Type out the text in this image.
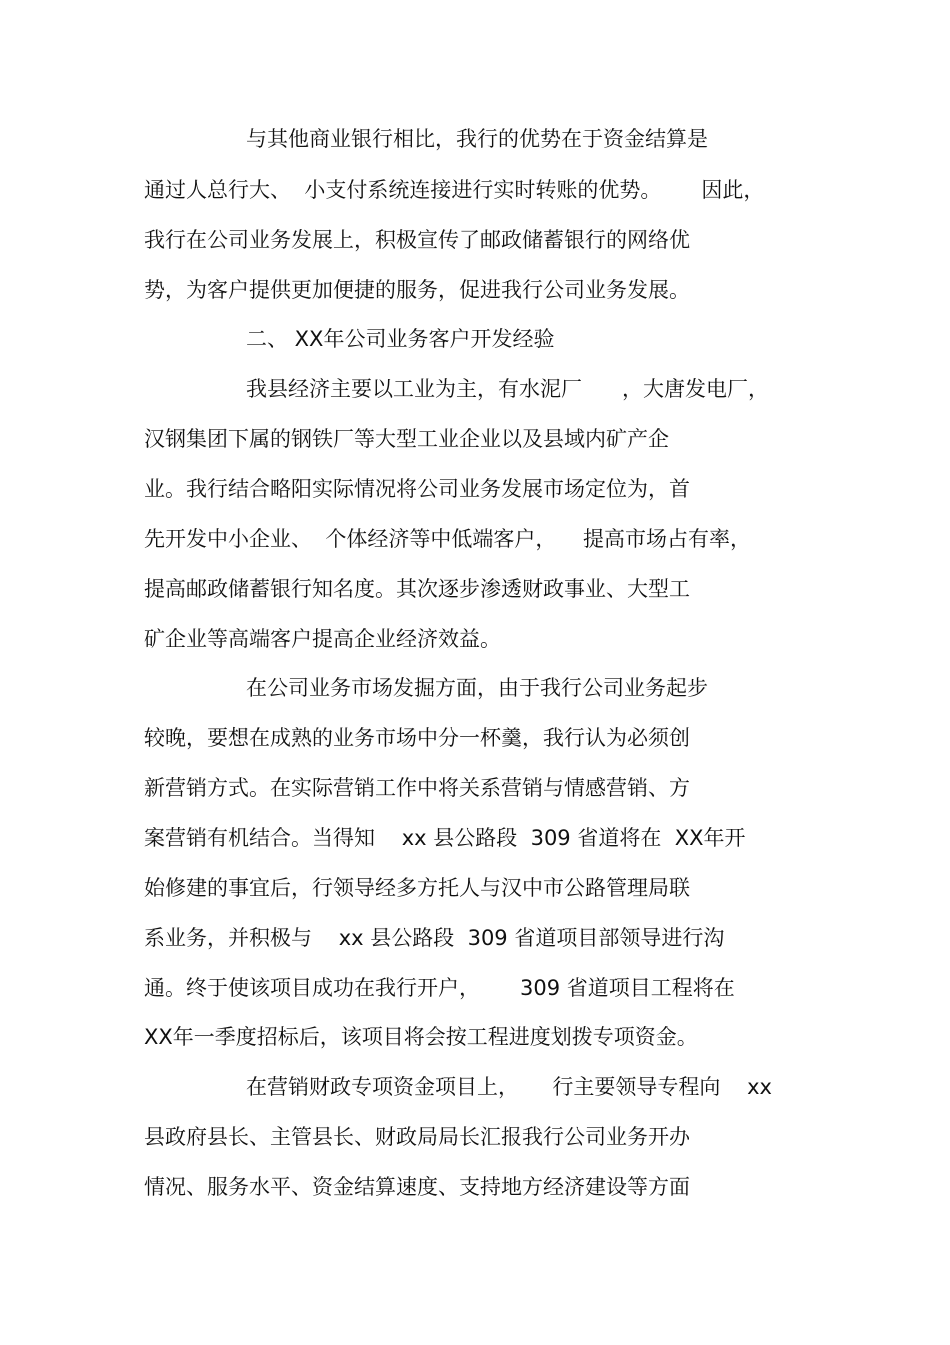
与其他商业银行相比，我行的优势在于资金结算是
通过人总行大、  小支付系统连接进行实时转账的优势。      因此，
我行在公司业务发展上，积极宣传了邮政储蓄银行的网络优
势，为客户提供更加便捷的服务，促进我行公司业务发展。
二、 XX年公司业务客户开发经验
我县经济主要以工业为主，有水泥厂      ，大唐发电厂，
汉钢集团下属的钢铁厂等大型工业企业以及县域内矿产企
业。我行结合略阳实际情况将公司业务发展市场定位为，首
先开发中小企业、  个体经济等中低端客户，    提高市场占有率，
提高邮政储蓄银行知名度。其次逐步渗透财政事业、大型工
矿企业等高端客户提高企业经济效益。
在公司业务市场发掘方面，由于我行公司业务起步
较晚，要想在成熟的业务市场中分一杯羹，我行认为必须创
新营销方式。在实际营销工作中将关系营销与情感营销、方
案营销有机结合。当得知    xx 县公路段  309 省道将在  XX年开
始修建的事宜后，行领导经多方托人与汉中市公路管理局联
系业务，并积极与    xx 县公路段  309 省道项目部领导进行沟
通。终于使该项目成功在我行开户，      309 省道项目工程将在
XX年一季度招标后，该项目将会按工程进度划拨专项资金。
在营销财政专项资金项目上，     行主要领导专程向    xx
县政府县长、主管县长、财政局局长汇报我行公司业务开办
情况、服务水平、资金结算速度、支持地方经济建设等方面
